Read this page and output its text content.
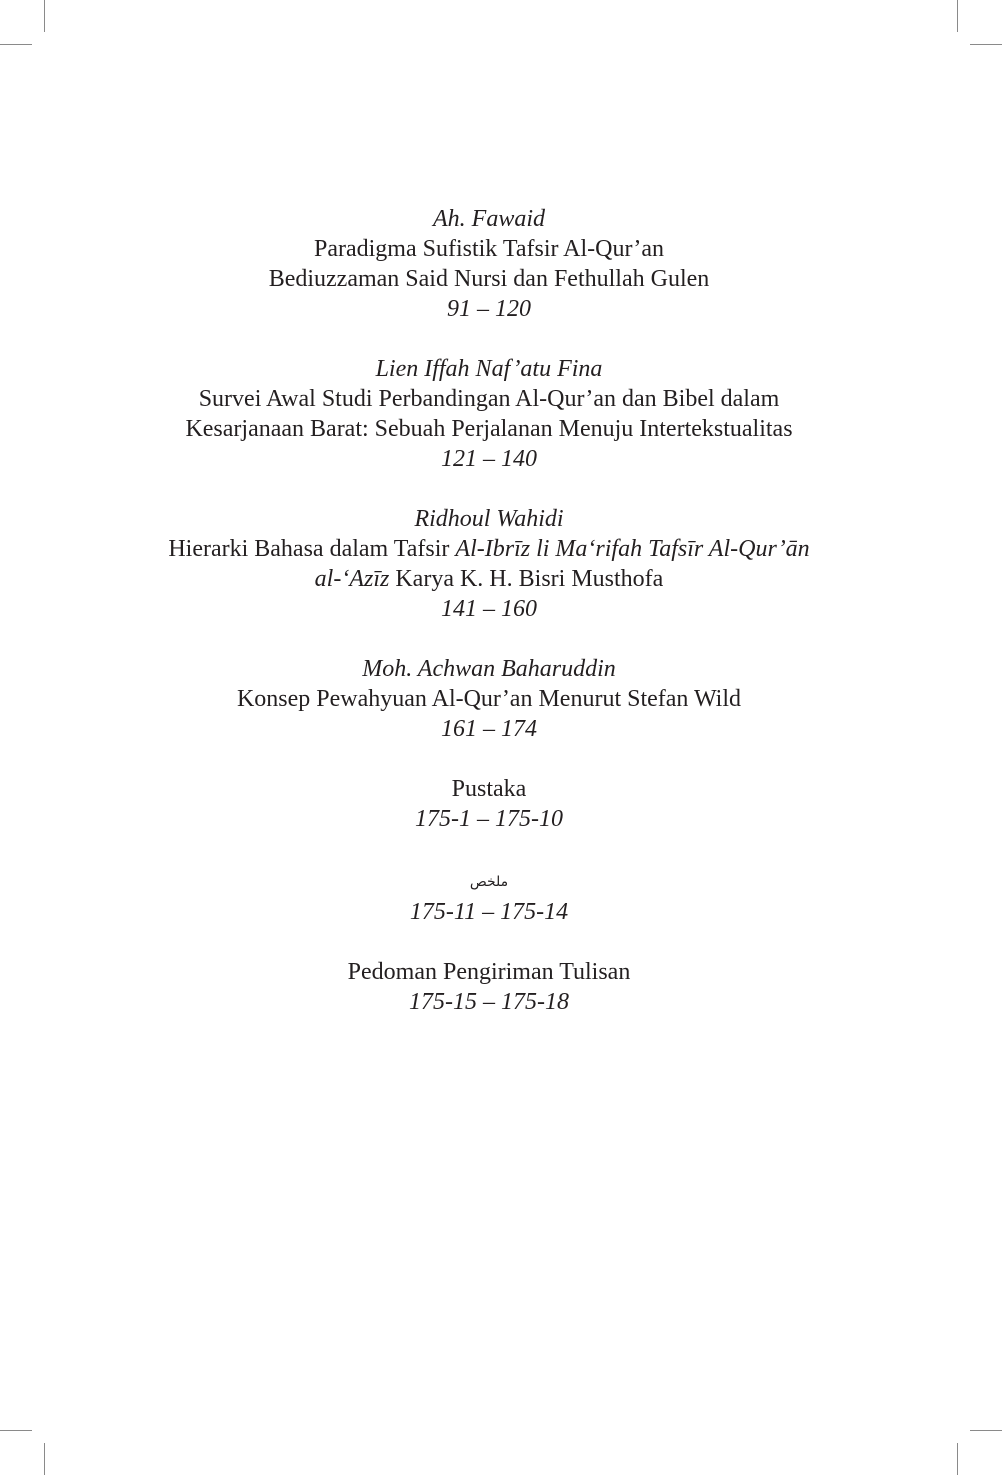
Ah. Fawaid
Paradigma Sufistik Tafsir Al-Qur’an
Bediuzzaman Said Nursi dan Fethullah Gulen
91 – 120
Lien Iffah Naf’atu Fina
Survei Awal Studi Perbandingan Al-Qur’an dan Bibel dalam
Kesarjanaan Barat: Sebuah Perjalanan Menuju Intertekstualitas
121 – 140
Ridhoul Wahidi
Hierarki Bahasa dalam Tafsir Al-Ibrīz li Ma‘rifah Tafsīr Al-Qur’ān
al-‘Azīz Karya K. H. Bisri Musthofa
141 – 160
Moh. Achwan Baharuddin
Konsep Pewahyuan Al-Qur’an Menurut Stefan Wild
161 – 174
Pustaka
175-1 – 175-10
ملخص
175-11 – 175-14
Pedoman Pengiriman Tulisan
175-15 – 175-18
